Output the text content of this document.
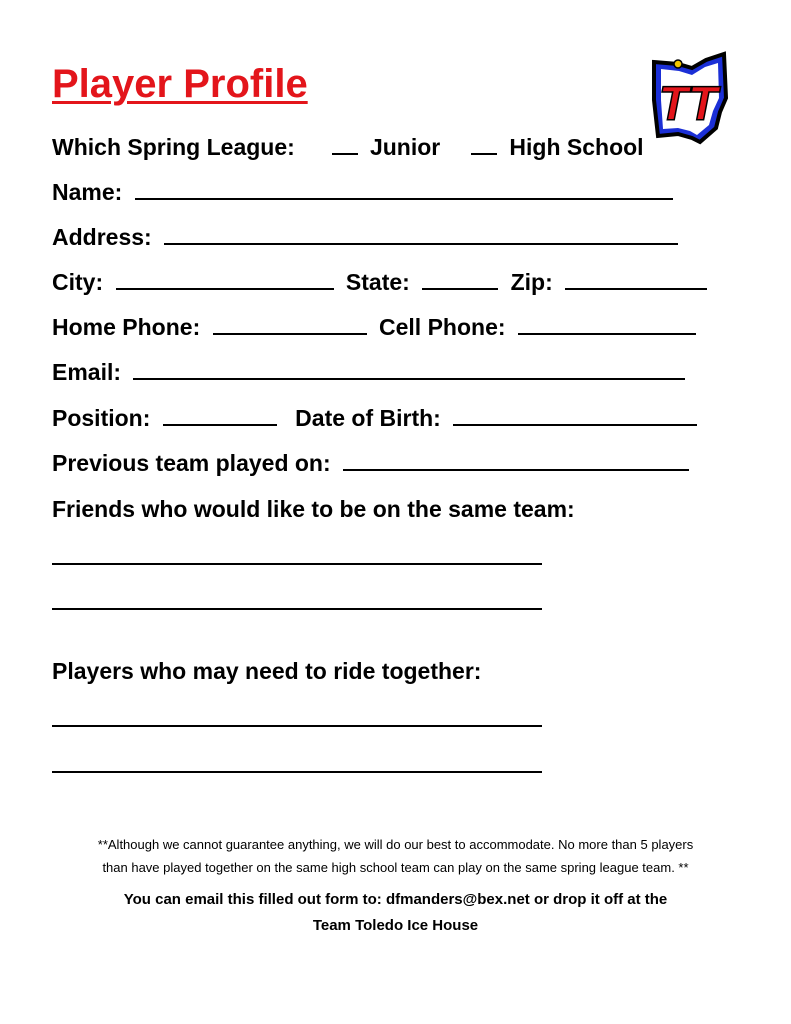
Player Profile	TT
Which Spring League:	Junior	High School
Name:
Address:
City:	State:	Zip:
Home Phone:	Cell Phone:
Email:
Position:	Date of Birth:
Previous team played on:
Friends who would like to be on the same team:
Players who may need to ride together:
**Although we cannot guarantee anything, we will do our best to accommodate. No more than 5 players
than have played together on the same high school team can play on the same spring league team. **
You can email this filled out form to: dfmanders@bex.net or drop it off at the
Team Toledo Ice House
